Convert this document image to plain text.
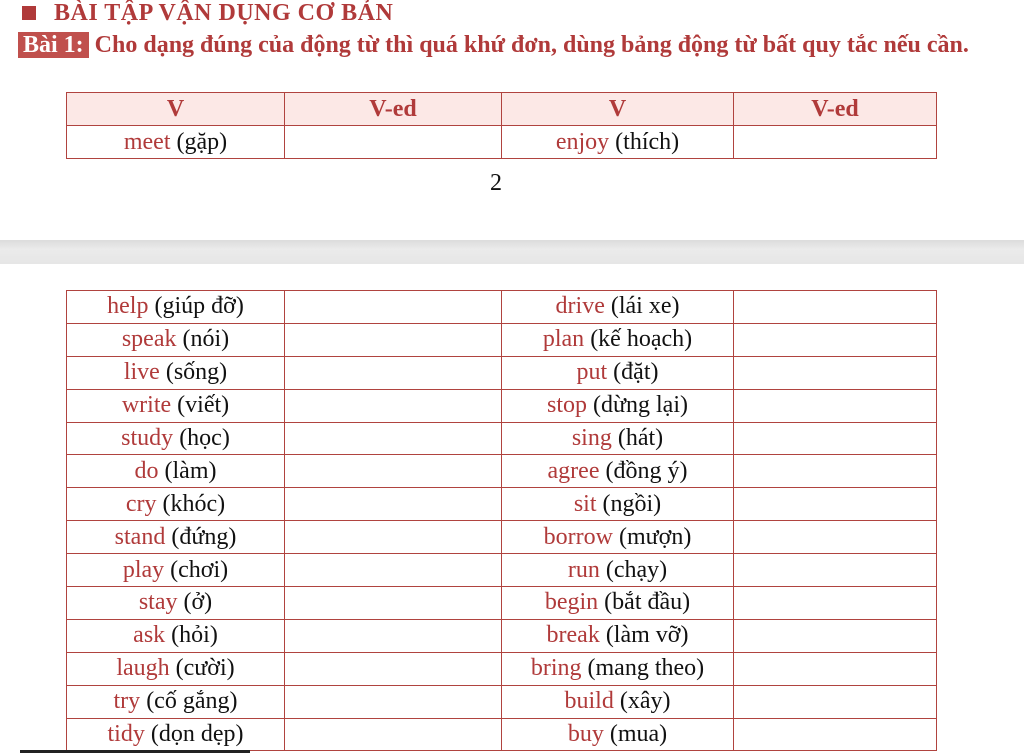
BÀI TẬP VẬN DỤNG CƠ BẢN
Bài 1: Cho dạng đúng của động từ thì quá khứ đơn, dùng bảng động từ bất quy tắc nếu cần.
V	V-ed	V	V-ed
meet (gặp)		enjoy (thích)	
2
help (giúp đỡ)		drive (lái xe)	
speak (nói)		plan (kế hoạch)	
live (sống)		put (đặt)	
write (viết)		stop (dừng lại)	
study (học)		sing (hát)	
do (làm)		agree (đồng ý)	
cry (khóc)		sit (ngồi)	
stand (đứng)		borrow (mượn)	
play (chơi)		run (chạy)	
stay (ở)		begin (bắt đầu)	
ask (hỏi)		break (làm vỡ)	
laugh (cười)		bring (mang theo)	
try (cố gắng)		build (xây)	
tidy (dọn dẹp)		buy (mua)	
